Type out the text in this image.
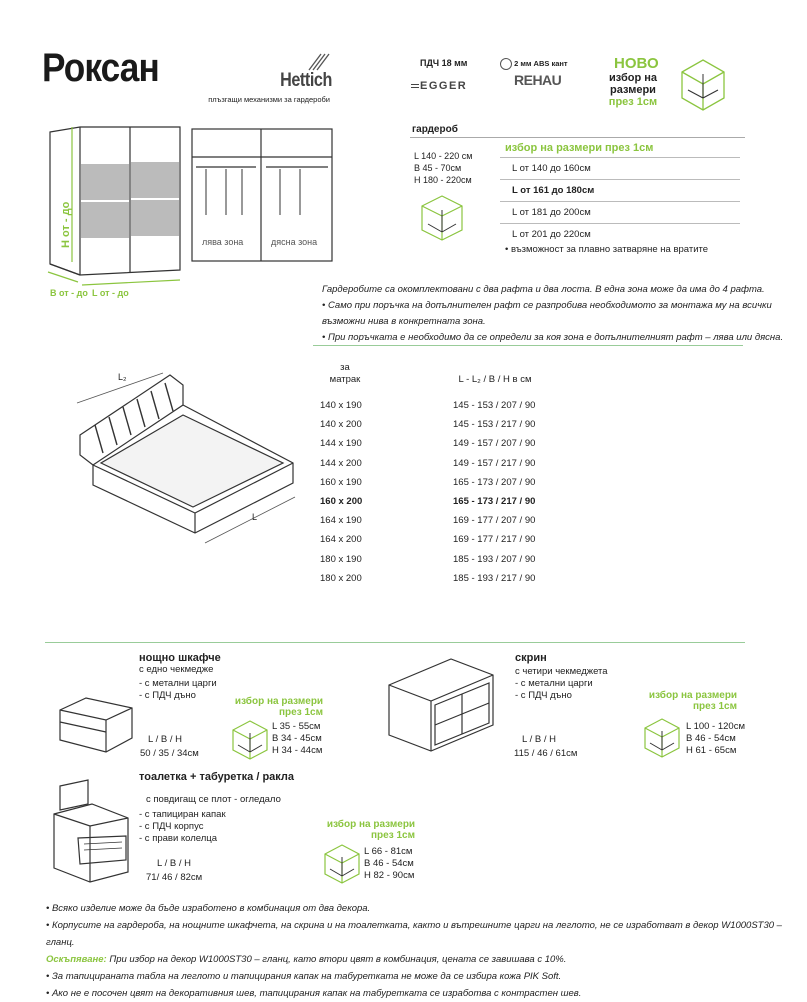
Роксан	Hettich
плъзгащи механизми за гардероби
ПДЧ 18 мм
EGGER
2 мм ABS кант
REHAU
НОВО
избор на
размери
през 1см
H от - до
B от - до L от - до
лява зона	дясна зона
гардероб
L 140 - 220 см
B 45 - 70см
H 180 - 220см
избор на размери през 1см
L от 140 до 160см
L от 161 до 180см
L от 181 до 200см
L от 201 до 220см
• възможност за плавно затваряне на вратите
Гардеробите са окомплектовани с два рафта и два лоста. В една зона може да има до 4 рафта.
• Само при поръчка на допълнителен рафт се разпробива необходимото за монтажа му на всички
възможни нива в конкретната зона.
• При поръчката е необходимо да се определи за коя зона е допълнителният рафт – лява или дясна.
L₂
L
за
матрак	L - L₂ / B / H в см
140 x 190	145 - 153 / 207 / 90
140 x 200	145 - 153 / 217 / 90
144 x 190	149 - 157 / 207 / 90
144 x 200	149 - 157 / 217 / 90
160 x 190	165 - 173 / 207 / 90
160 x 200	165 - 173 / 217 / 90
164 x 190	169 - 177 / 207 / 90
164 x 200	169 - 177 / 217 / 90
180 x 190	185 - 193 / 207 / 90
180 x 200	185 - 193 / 217 / 90
нощно шкафче
с едно чекмедже
- с метални царги
- с ПДЧ дъно
L / B / H
50 / 35 / 34см
избор на размери
през 1см
L 35 - 55см
B 34 - 45см
H 34 - 44см
скрин
с четири чекмеджета
- с метални царги
- с ПДЧ дъно
L / B / H
115 / 46 / 61см
избор на размери
през 1см
L 100 - 120см
B 46 - 54см
H 61 - 65см
тоалетка + табуретка / ракла
с повдигащ се плот - огледало
- с тапициран капак
- с ПДЧ корпус
- с прави колелца
L / B / H
71/ 46 / 82см
избор на размери
през 1см
L 66 - 81см
B 46 - 54см
H 82 - 90см
• Всяко изделие може да бъде изработено в комбинация от два декора.
• Корпусите на гардероба, на нощните шкафчета, на скрина и на тоалетката, както и вътрешните царги на леглото, не се изработват в декор W1000ST30 – гланц.
Оскъпяване: При избор на декор W1000ST30 – гланц, като втори цвят в комбинация, цената се завишава с 10%.
• За тапицираната табла на леглото и тапицирания капак на табуретката не може да се избира кожа PIK Soft.
• Ако не е посочен цвят на декоративния шев, тапицирания капак на табуретката се изработва с контрастен шев.
